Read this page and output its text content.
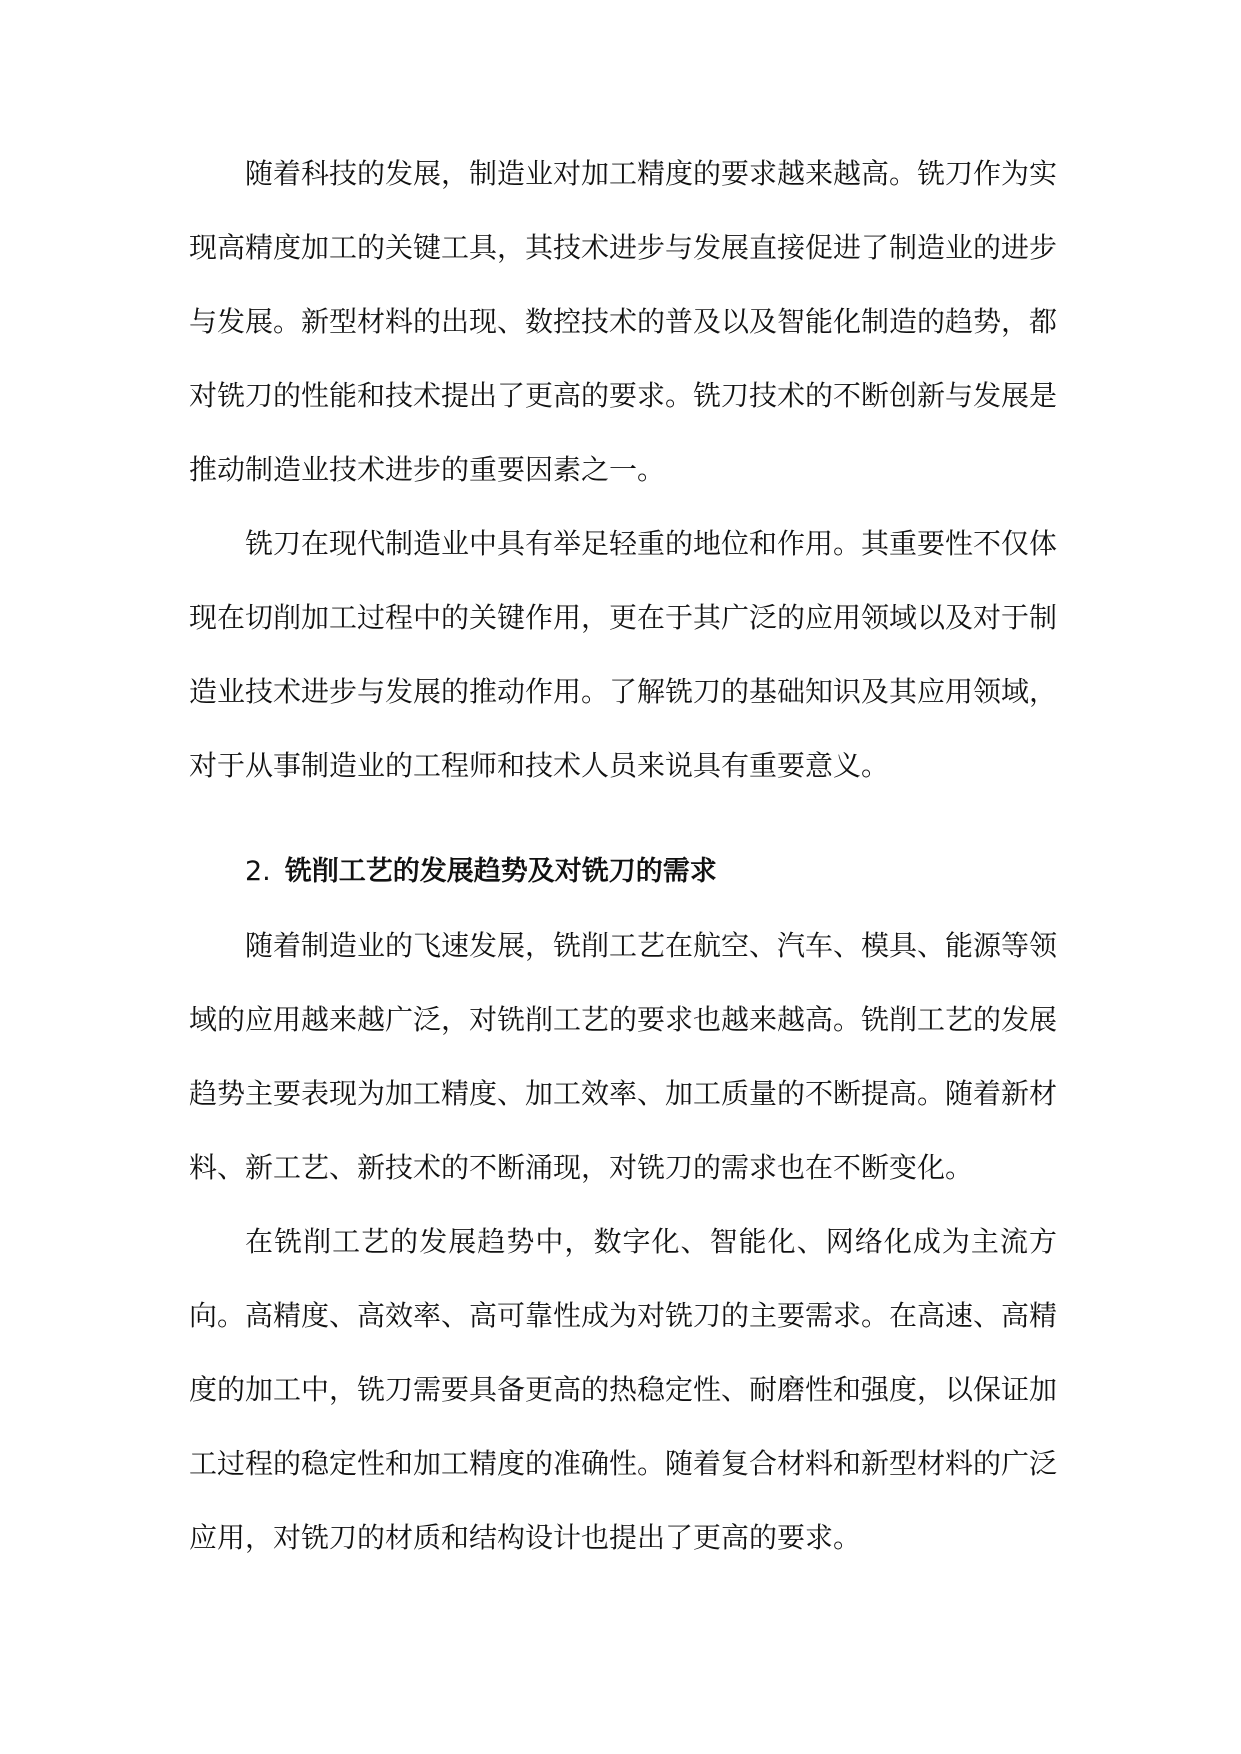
随着科技的发展，制造业对加工精度的要求越来越高。铣刀作为实现高精度加工的关键工具，其技术进步与发展直接促进了制造业的进步与发展。新型材料的出现、数控技术的普及以及智能化制造的趋势，都对铣刀的性能和技术提出了更高的要求。铣刀技术的不断创新与发展是推动制造业技术进步的重要因素之一。

铣刀在现代制造业中具有举足轻重的地位和作用。其重要性不仅体现在切削加工过程中的关键作用，更在于其广泛的应用领域以及对于制造业技术进步与发展的推动作用。了解铣刀的基础知识及其应用领域，对于从事制造业的工程师和技术人员来说具有重要意义。

2. 铣削工艺的发展趋势及对铣刀的需求

随着制造业的飞速发展，铣削工艺在航空、汽车、模具、能源等领域的应用越来越广泛，对铣削工艺的要求也越来越高。铣削工艺的发展趋势主要表现为加工精度、加工效率、加工质量的不断提高。随着新材料、新工艺、新技术的不断涌现，对铣刀的需求也在不断变化。

在铣削工艺的发展趋势中，数字化、智能化、网络化成为主流方向。高精度、高效率、高可靠性成为对铣刀的主要需求。在高速、高精度的加工中，铣刀需要具备更高的热稳定性、耐磨性和强度，以保证加工过程的稳定性和加工精度的准确性。随着复合材料和新型材料的广泛应用，对铣刀的材质和结构设计也提出了更高的要求。
